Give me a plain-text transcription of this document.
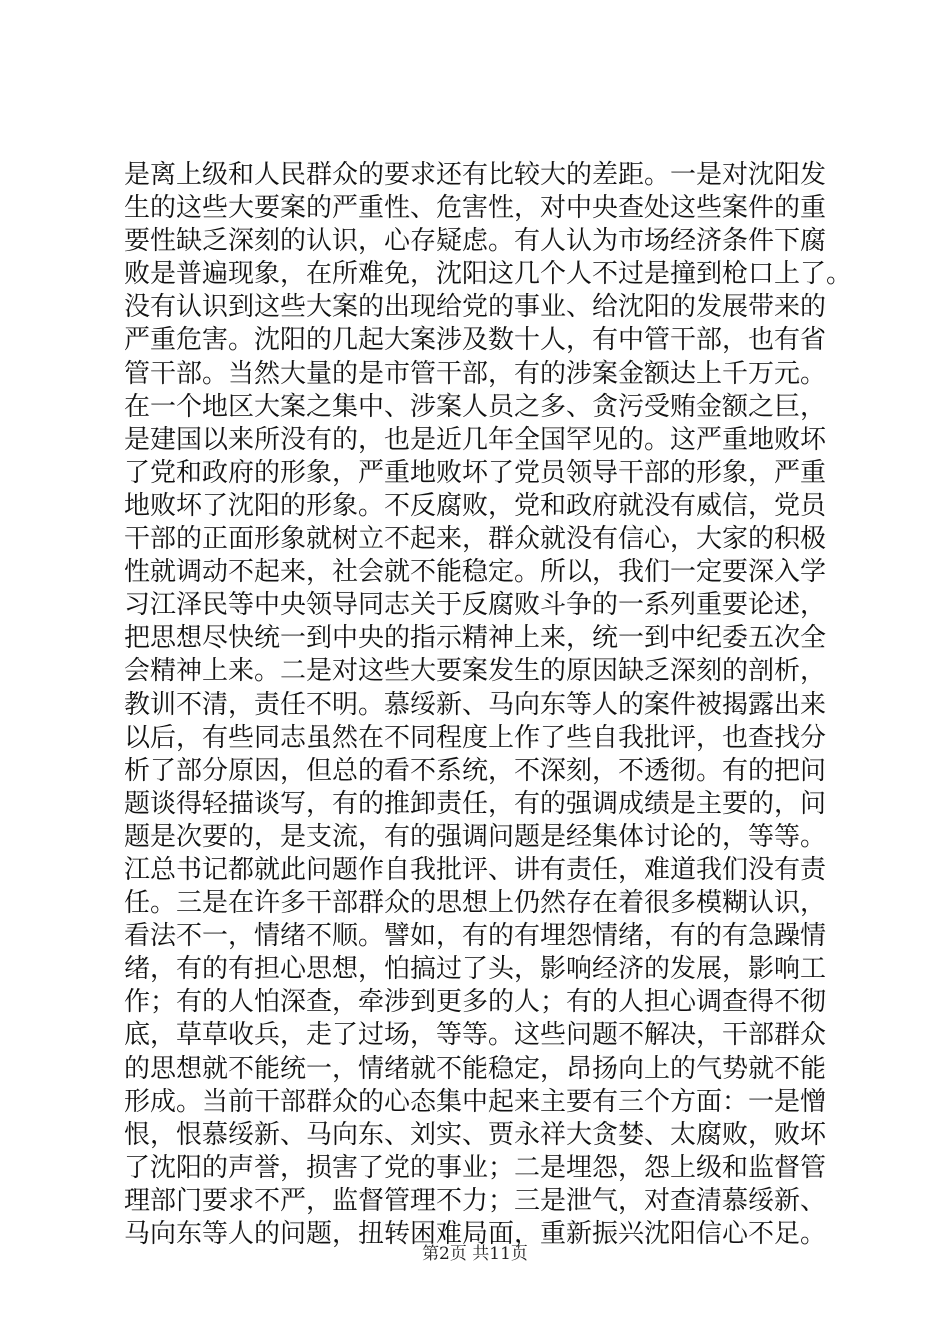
是离上级和人民群众的要求还有比较大的差距。一是对沈阳发
生的这些大要案的严重性、危害性，对中央查处这些案件的重
要性缺乏深刻的认识，心存疑虑。有人认为市场经济条件下腐
败是普遍现象，在所难免，沈阳这几个人不过是撞到枪口上了。
没有认识到这些大案的出现给党的事业、给沈阳的发展带来的
严重危害。沈阳的几起大案涉及数十人，有中管干部，也有省
管干部。当然大量的是市管干部，有的涉案金额达上千万元。
在一个地区大案之集中、涉案人员之多、贪污受贿金额之巨，
是建国以来所没有的，也是近几年全国罕见的。这严重地败坏
了党和政府的形象，严重地败坏了党员领导干部的形象，严重
地败坏了沈阳的形象。不反腐败，党和政府就没有威信，党员
干部的正面形象就树立不起来，群众就没有信心，大家的积极
性就调动不起来，社会就不能稳定。所以，我们一定要深入学
习江泽民等中央领导同志关于反腐败斗争的一系列重要论述，
把思想尽快统一到中央的指示精神上来，统一到中纪委五次全
会精神上来。二是对这些大要案发生的原因缺乏深刻的剖析，
教训不清，责任不明。慕绥新、马向东等人的案件被揭露出来
以后，有些同志虽然在不同程度上作了些自我批评，也查找分
析了部分原因，但总的看不系统，不深刻，不透彻。有的把问
题谈得轻描谈写，有的推卸责任，有的强调成绩是主要的，问
题是次要的，是支流，有的强调问题是经集体讨论的，等等。
江总书记都就此问题作自我批评、讲有责任，难道我们没有责
任。三是在许多干部群众的思想上仍然存在着很多模糊认识，
看法不一，情绪不顺。譬如，有的有埋怨情绪，有的有急躁情
绪，有的有担心思想，怕搞过了头，影响经济的发展，影响工
作；有的人怕深查，牵涉到更多的人；有的人担心调查得不彻
底，草草收兵，走了过场，等等。这些问题不解决，干部群众
的思想就不能统一，情绪就不能稳定，昂扬向上的气势就不能
形成。当前干部群众的心态集中起来主要有三个方面：一是憎
恨，恨慕绥新、马向东、刘实、贾永祥大贪婪、太腐败，败坏
了沈阳的声誉，损害了党的事业；二是埋怨，怨上级和监督管
理部门要求不严，监督管理不力；三是泄气，对查清慕绥新、
马向东等人的问题，扭转困难局面，重新振兴沈阳信心不足。
第2页 共11页
